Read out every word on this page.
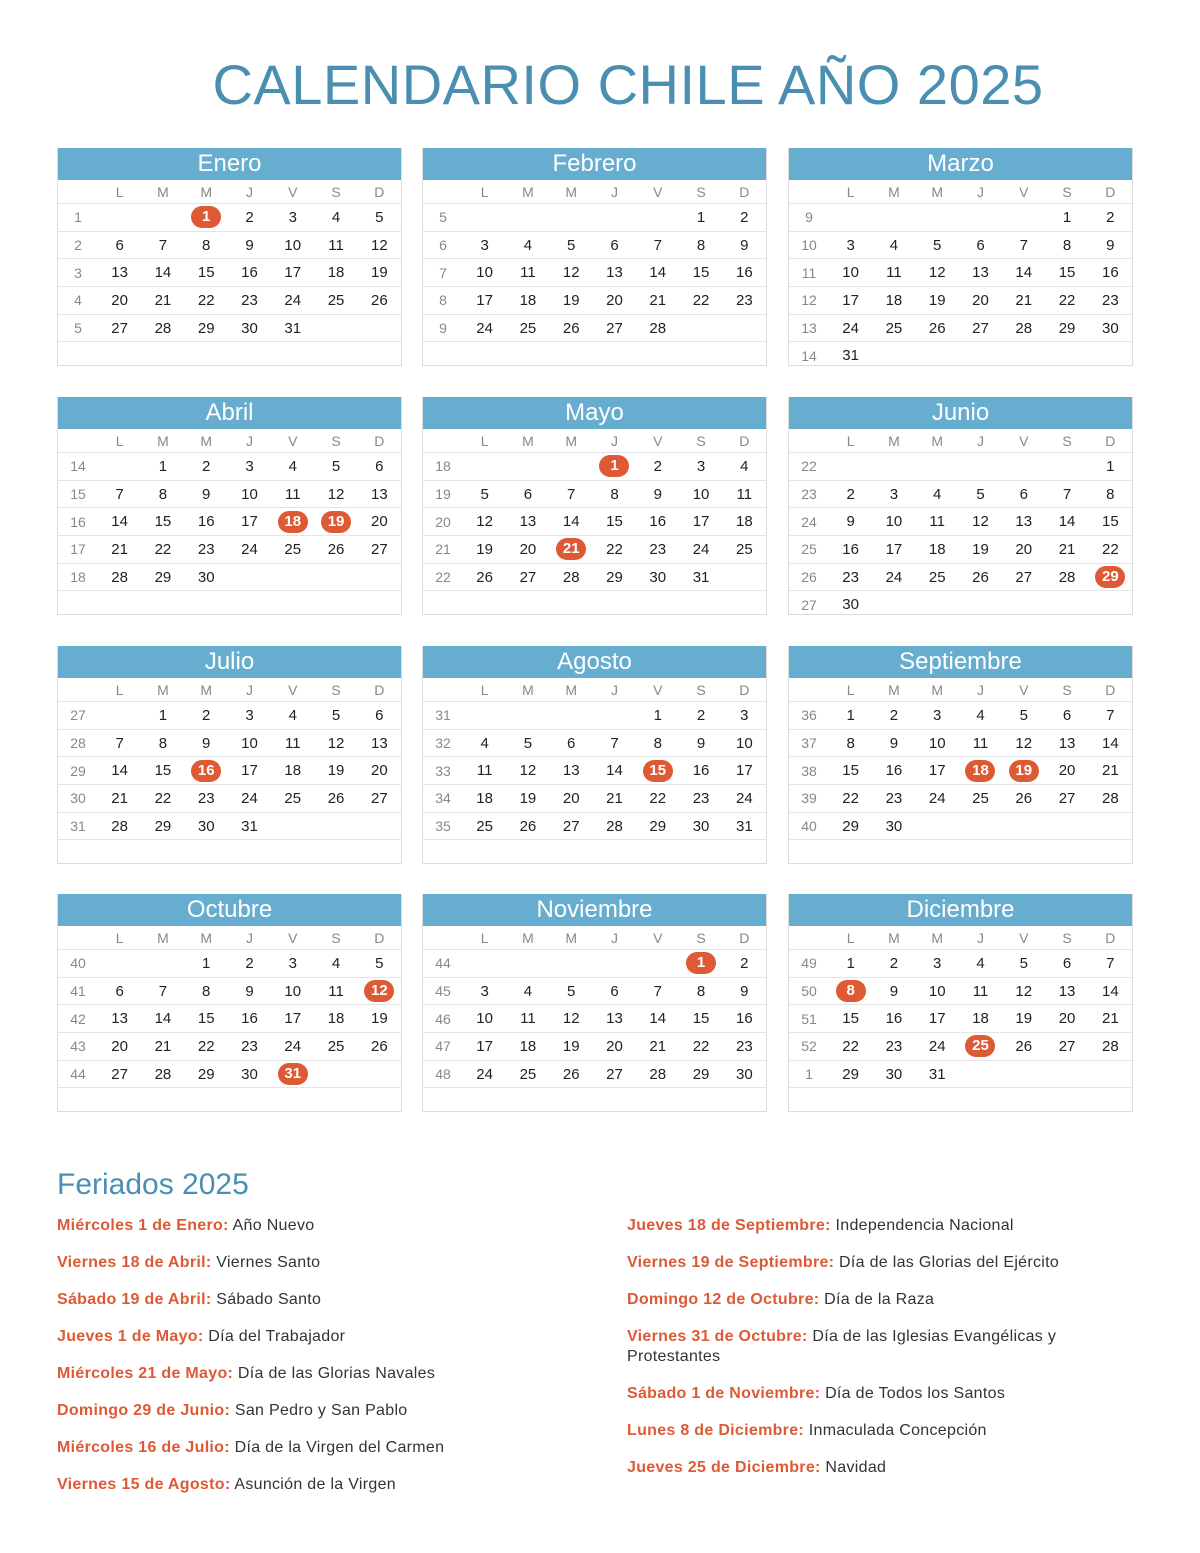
CALENDARIO CHILE AÑO 2025
Enero
	L	M	M	J	V	S	D
1			1	2	3	4	5
2	6	7	8	9	10	11	12
3	13	14	15	16	17	18	19
4	20	21	22	23	24	25	26
5	27	28	29	30	31		

Febrero
	L	M	M	J	V	S	D
5						1	2
6	3	4	5	6	7	8	9
7	10	11	12	13	14	15	16
8	17	18	19	20	21	22	23
9	24	25	26	27	28		

Marzo
	L	M	M	J	V	S	D
9						1	2
10	3	4	5	6	7	8	9
11	10	11	12	13	14	15	16
12	17	18	19	20	21	22	23
13	24	25	26	27	28	29	30
14	31						
Abril
	L	M	M	J	V	S	D
14		1	2	3	4	5	6
15	7	8	9	10	11	12	13
16	14	15	16	17	18	19	20
17	21	22	23	24	25	26	27
18	28	29	30				

Mayo
	L	M	M	J	V	S	D
18				1	2	3	4
19	5	6	7	8	9	10	11
20	12	13	14	15	16	17	18
21	19	20	21	22	23	24	25
22	26	27	28	29	30	31	

Junio
	L	M	M	J	V	S	D
22							1
23	2	3	4	5	6	7	8
24	9	10	11	12	13	14	15
25	16	17	18	19	20	21	22
26	23	24	25	26	27	28	29
27	30						
Julio
	L	M	M	J	V	S	D
27		1	2	3	4	5	6
28	7	8	9	10	11	12	13
29	14	15	16	17	18	19	20
30	21	22	23	24	25	26	27
31	28	29	30	31			

Agosto
	L	M	M	J	V	S	D
31					1	2	3
32	4	5	6	7	8	9	10
33	11	12	13	14	15	16	17
34	18	19	20	21	22	23	24
35	25	26	27	28	29	30	31

Septiembre
	L	M	M	J	V	S	D
36	1	2	3	4	5	6	7
37	8	9	10	11	12	13	14
38	15	16	17	18	19	20	21
39	22	23	24	25	26	27	28
40	29	30					

Octubre
	L	M	M	J	V	S	D
40			1	2	3	4	5
41	6	7	8	9	10	11	12
42	13	14	15	16	17	18	19
43	20	21	22	23	24	25	26
44	27	28	29	30	31		

Noviembre
	L	M	M	J	V	S	D
44						1	2
45	3	4	5	6	7	8	9
46	10	11	12	13	14	15	16
47	17	18	19	20	21	22	23
48	24	25	26	27	28	29	30

Diciembre
	L	M	M	J	V	S	D
49	1	2	3	4	5	6	7
50	8	9	10	11	12	13	14
51	15	16	17	18	19	20	21
52	22	23	24	25	26	27	28
1	29	30	31				

Feriados 2025
Miércoles 1 de Enero: Año Nuevo
Viernes 18 de Abril: Viernes Santo
Sábado 19 de Abril: Sábado Santo
Jueves 1 de Mayo: Día del Trabajador
Miércoles 21 de Mayo: Día de las Glorias Navales
Domingo 29 de Junio: San Pedro y San Pablo
Miércoles 16 de Julio: Día de la Virgen del Carmen
Viernes 15 de Agosto: Asunción de la Virgen
Jueves 18 de Septiembre: Independencia Nacional
Viernes 19 de Septiembre: Día de las Glorias del Ejército
Domingo 12 de Octubre: Día de la Raza
Viernes 31 de Octubre: Día de las Iglesias Evangélicas y Protestantes
Sábado 1 de Noviembre: Día de Todos los Santos
Lunes 8 de Diciembre: Inmaculada Concepción
Jueves 25 de Diciembre: Navidad
